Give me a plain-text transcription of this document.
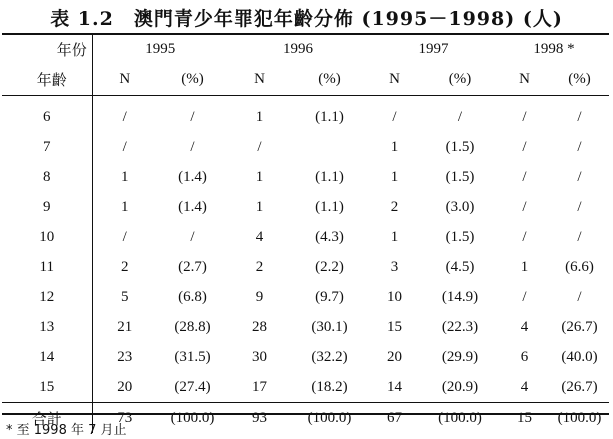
表 1.2　澳門青少年罪犯年齡分佈 (1995－1998) (人)
年份	1995		1996		1997		1998 *	
年齡	N	(%)	N	(%)	N	(%)	N	(%)
6	/	/	1	(1.1)	/	/	/	/
7	/	/	/		1	(1.5)	/	/
8	1	(1.4)	1	(1.1)	1	(1.5)	/	/
9	1	(1.4)	1	(1.1)	2	(3.0)	/	/
10	/	/	4	(4.3)	1	(1.5)	/	/
11	2	(2.7)	2	(2.2)	3	(4.5)	1	(6.6)
12	5	(6.8)	9	(9.7)	10	(14.9)	/	/
13	21	(28.8)	28	(30.1)	15	(22.3)	4	(26.7)
14	23	(31.5)	30	(32.2)	20	(29.9)	6	(40.0)
15	20	(27.4)	17	(18.2)	14	(20.9)	4	(26.7)
合計	73	(100.0)	93	(100.0)	67	(100.0)	15	(100.0)
* 至 1998 年 7 月止
